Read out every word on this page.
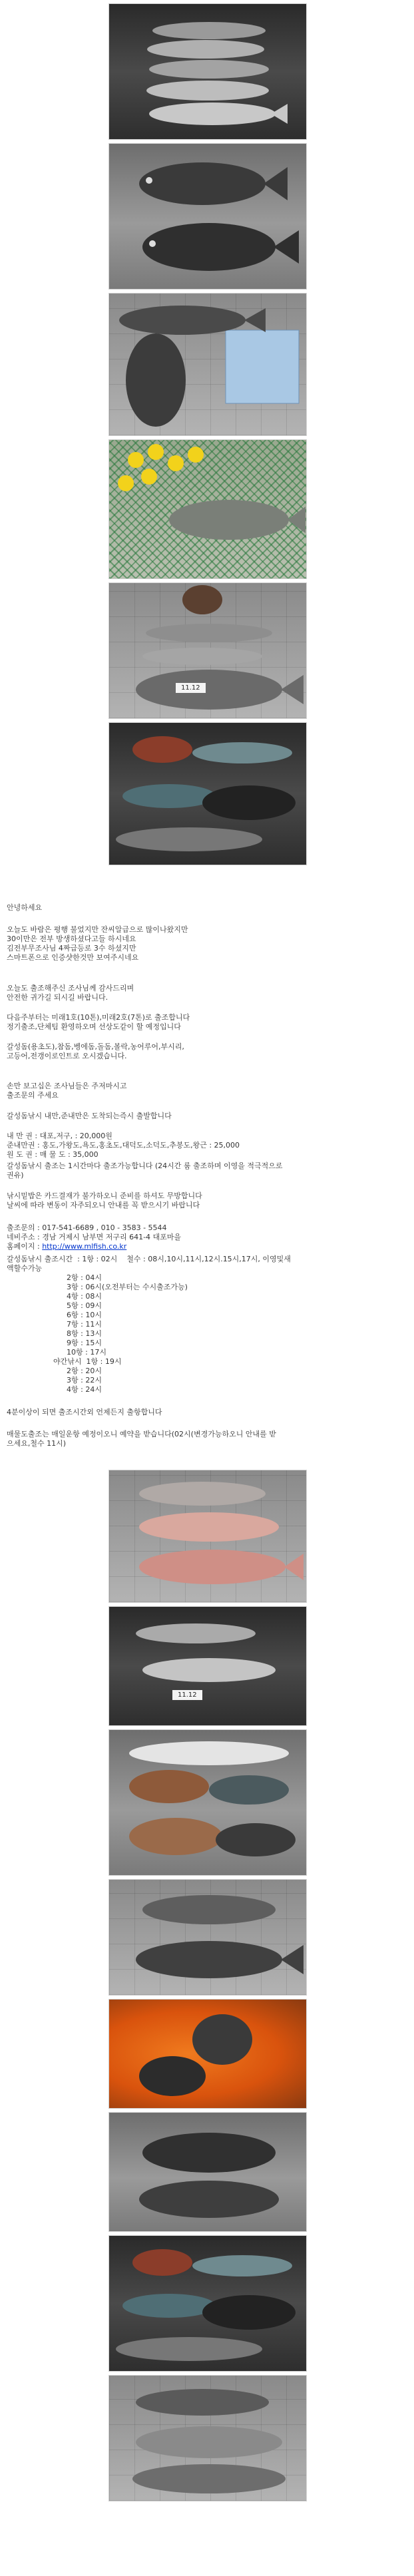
11.12
안녕하세요
오늘도 바람은 평행 불었지만 잔씨알급으로 많이나왔지만
30이만은 전부 방생하셨다고들 하시네요
김전부무조사님 4짜급등로 3수 하셨지만
스마트폰으로 인증샷한것만 보여주시네요
오늘도 출조해주신 조사님께 감사드리며
안전한 귀가길 되시길 바랍니다.
다음주부터는 미래1호(10톤),미래2호(7톤)로 출조합니다
정기출조,단체팀 환영하오며 선상도같이 할 예정입니다
갈성돔(용초도),참돔,벵에돔,돌돔,볼락,농어루어,부시리,
고등어,전갱이로인트로 오시겠습니다.
손만 보고십은 조사님들은 주저마시고
출조문의 주세요
갈성돔낚시 내만,준내만은 도착되는즉시 출발합니다
내 만 권 : 대포,저구, : 20,000원
준내만권 : 홍도,가왕도,욕도,홍초도,대덕도,소덕도,추봉도,왕근 : 25,000
원 도 권 : 매 물 도 : 35,000
갈성돔낚시 출조는 1시간마다 출조가능합니다 (24시간 룸 출조하며 이영을 적극적으로
권유)
낚시밑밥은 카드결재가 불가하오니 준비를 하셔도 무방합니다
날씨에 따라 변동이 자주되오니 안내를 꼭 받으시기 바랍니다
출조문의 : 017-541-6689 , 010 - 3583 - 5544
네비주소 : 경남 거제시 남부면 저구리 641-4 대포마을
홈페이지 : http://www.mlfish.co.kr
갈성돔낚시 출조시간  : 1항 : 02시    철수 : 08시,10시,11시,12시.15시,17시, 이영및새
액할수가능
2항 : 04시
3항 : 06시(오전부터는 수시출조가능)
4항 : 08시
5항 : 09시
6항 : 10시
7항 : 11시
8항 : 13시
9항 : 15시
10항 : 17시
야간낚시  1항 : 19시
2항 : 20시
3항 : 22시
4항 : 24시
4분이상이 되면 출조시간외 언제든지 출항합니다
매물도출조는 매일운항 예정이오니 예약을 받습니다(02시(변경가능하오니 안내를 받
으세요,철수 11시)
11.12
